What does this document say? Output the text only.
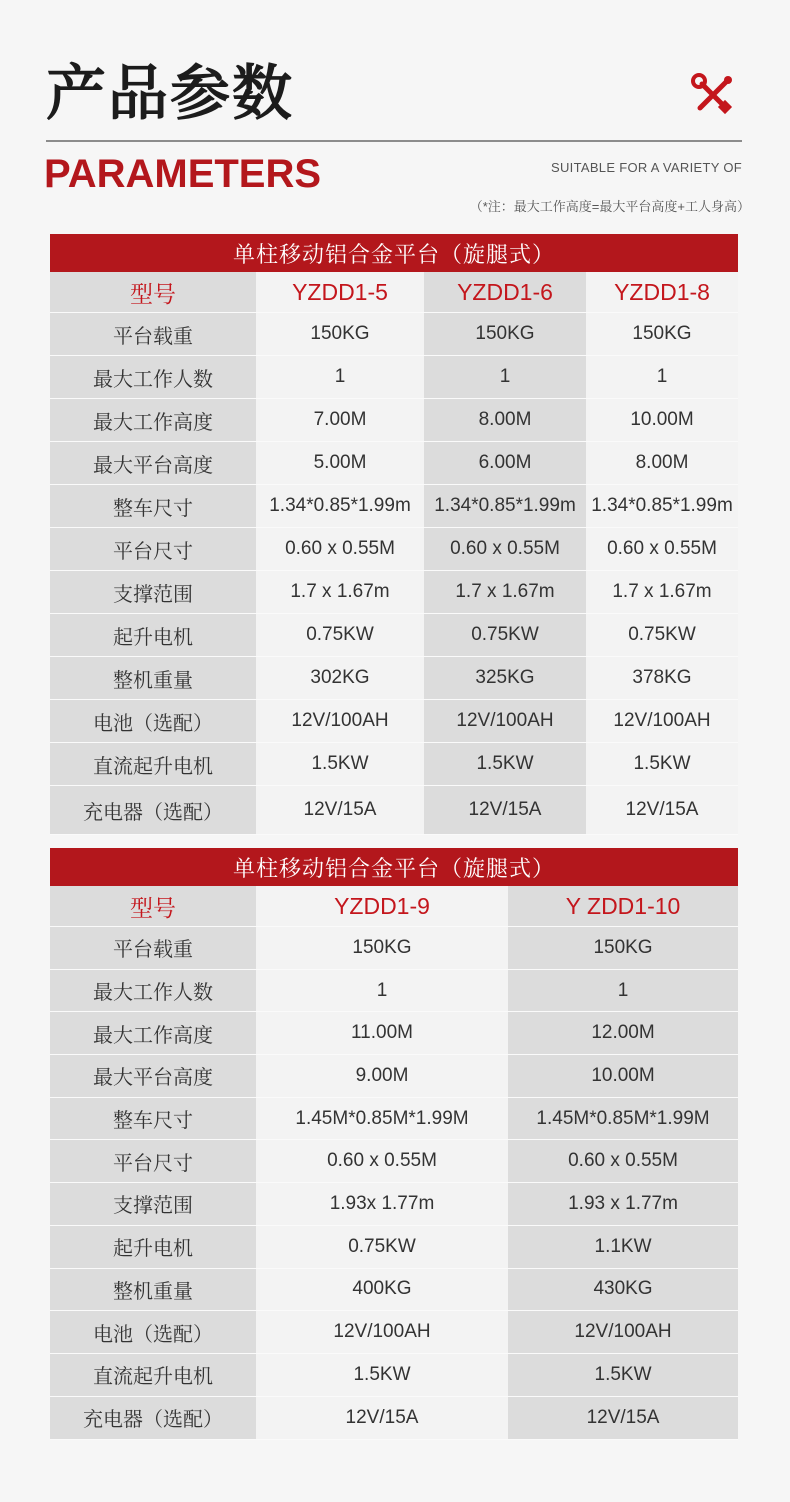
产品参数
PARAMETERS	SUITABLE FOR A VARIETY OF
（*注：最大工作高度=最大平台高度+工人身高）
单柱移动铝合金平台（旋腿式）			
型号	YZDD1-5	YZDD1-6	YZDD1-8
平台载重	150KG	150KG	150KG
最大工作人数	1	1	1
最大工作高度	7.00M	8.00M	10.00M
最大平台高度	5.00M	6.00M	8.00M
整车尺寸	1.34*0.85*1.99m	1.34*0.85*1.99m	1.34*0.85*1.99m
平台尺寸	0.60 x 0.55M	0.60 x 0.55M	0.60 x 0.55M
支撑范围	1.7 x 1.67m	1.7 x 1.67m	1.7 x 1.67m
起升电机	0.75KW	0.75KW	0.75KW
整机重量	302KG	325KG	378KG
电池（选配）	12V/100AH	12V/100AH	12V/100AH
直流起升电机	1.5KW	1.5KW	1.5KW
充电器（选配）	12V/15A	12V/15A	12V/15A
单柱移动铝合金平台（旋腿式）		
型号	YZDD1-9	Y ZDD1-10
平台载重	150KG	150KG
最大工作人数	1	1
最大工作高度	11.00M	12.00M
最大平台高度	9.00M	10.00M
整车尺寸	1.45M*0.85M*1.99M	1.45M*0.85M*1.99M
平台尺寸	0.60 x 0.55M	0.60 x 0.55M
支撑范围	1.93x 1.77m	1.93 x 1.77m
起升电机	0.75KW	1.1KW
整机重量	400KG	430KG
电池（选配）	12V/100AH	12V/100AH
直流起升电机	1.5KW	1.5KW
充电器（选配）	12V/15A	12V/15A
